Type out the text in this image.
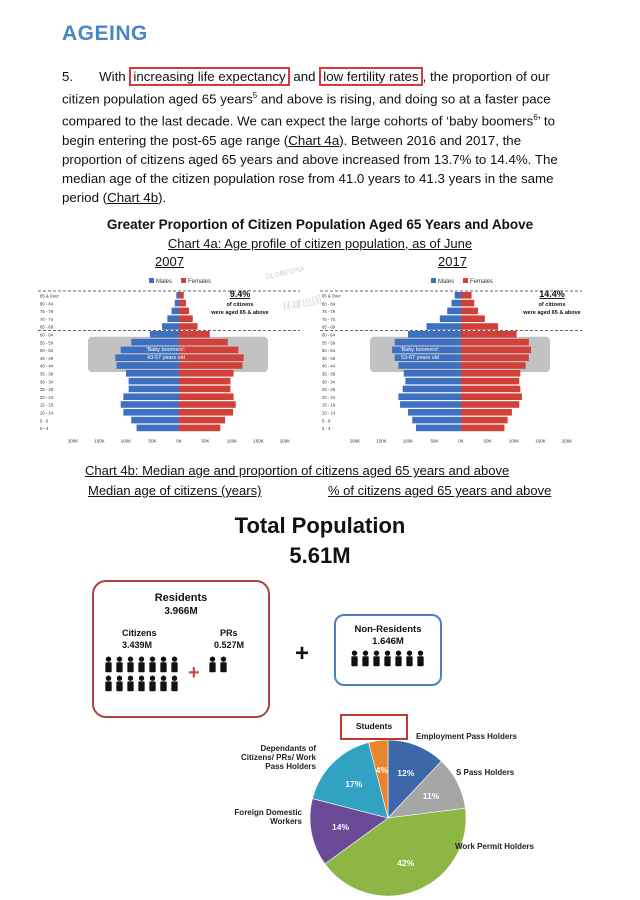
AGEING
5. With increasing life expectancy and low fertility rates , the proportion of our citizen population aged 65 years$^5$ and above is rising, and doing so at a faster pace compared to the last decade. We can expect the large cohorts of ‘baby boomers$^6$’ to begin entering the post-65 age range (Chart 4a). Between 2016 and 2017, the proportion of citizens aged 65 years and above increased from 13.7% to 14.4%. The median age of the citizen population rose from 41.0 years to 41.3 years in the same period (Chart 4b).
Greater Proportion of Citizen Population Aged 65 Years and Above
Chart 4a: Age profile of citizen population, as of June
2007	2017
Males	Females
85 & Over
80 - 84
75 - 79
70 - 74
65 - 69
60 - 64
55 - 59
50 - 54
45 - 49
40 - 44
35 - 39
30 - 34
25 - 29
20 - 24
15 - 19
10 - 14
5 - 9
0 - 4
200K	150K	100K	50K	0K	50K	100K	150K	200K
9.4%
of citizens
were aged 65 & above
'Baby boomers':
43-57 years old
Males	Females
85 & Over
80 - 84
75 - 79
70 - 74
65 - 69
60 - 64
55 - 59
50 - 54
45 - 49
40 - 44
35 - 39
30 - 34
25 - 29
20 - 24
15 - 19
10 - 14
5 - 9
0 - 4
200K	150K	100K	50K	0K	50K	100K	150K	200K
14.4%
of citizens
were aged 65 & above
'Baby boomers':
53-67 years old
Chart 4b: Median age and proportion of citizens aged 65 years and above
Median age of citizens (years)	% of citizens aged 65 years and above
Total Population
5.61M
Residents
3.966M
Citizens
3.439M
PRs
0.527M
+
+
Non-Residents
1.646M
12%
11%
42%
14%
17%
4%
Students
Employment Pass Holders
S Pass Holders
Work Permit Holders
Foreign Domestic
Workers
Dependants of
Citizens/ PRs/ Work
Pass Holders
GLOBEVISA
环球出国
